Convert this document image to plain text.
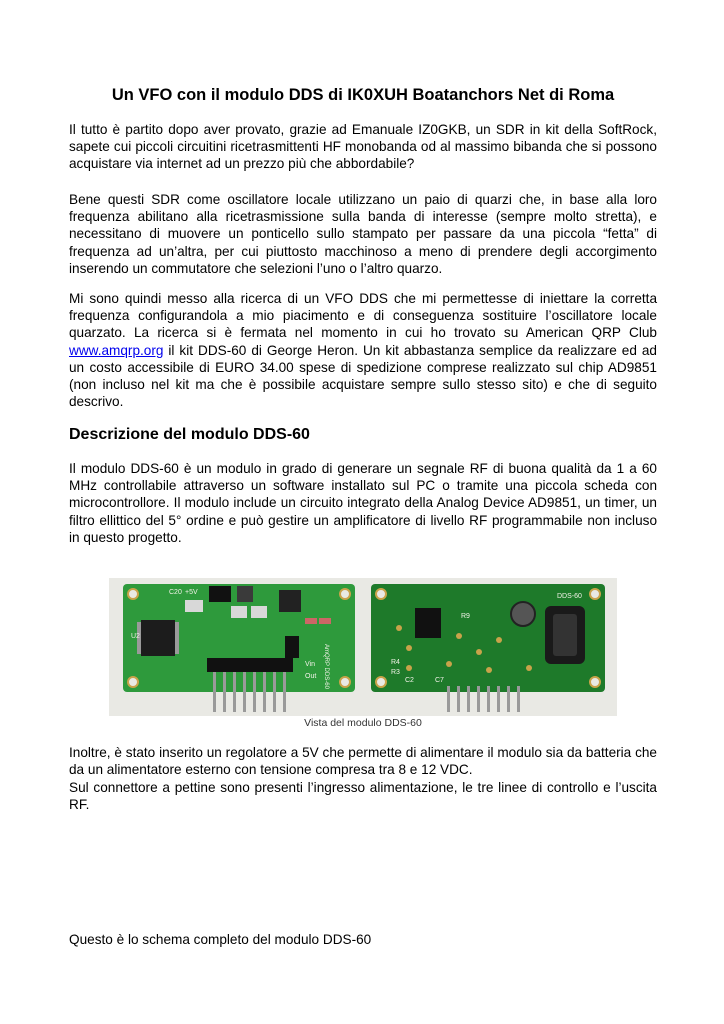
Un VFO con il modulo DDS di IK0XUH Boatanchors Net di Roma

Il tutto è partito dopo aver provato, grazie ad Emanuale IZ0GKB, un SDR in kit della SoftRock, sapete cui piccoli circuitini ricetrasmittenti HF monobanda od al massimo bibanda che si possono acquistare via internet ad un prezzo più che abbordabile?

Bene questi SDR come oscillatore locale utilizzano un paio di quarzi che, in base alla loro frequenza abilitano alla ricetrasmissione sulla banda di interesse (sempre molto stretta), e necessitano di muovere un ponticello sullo stampato per passare da una piccola “fetta” di frequenza ad un’altra, per cui piuttosto macchinoso a meno di prendere degli accorgimento inserendo un commutatore che selezioni l’uno o l’altro quarzo.

Mi sono quindi messo alla ricerca di un VFO DDS che mi permettesse di iniettare la corretta frequenza configurandola a mio piacimento e di conseguenza sostituire l’oscillatore locale quarzato. La ricerca si è fermata nel momento in cui ho trovato su American QRP Club www.amqrp.org il kit DDS-60 di George Heron. Un kit abbastanza semplice da realizzare ed ad un costo accessibile di EURO 34.00 spese di spedizione comprese realizzato sul chip AD9851 (non incluso nel kit ma che è possibile acquistare sempre sullo stesso sito) e che di seguito descrivo.

Descrizione del modulo DDS-60

Il modulo DDS-60 è un modulo in grado di generare un segnale RF di buona qualità da 1 a 60 MHz controllabile attraverso un software installato sul PC o tramite una piccola scheda con microcontrollore. Il modulo include un circuito integrato della Analog Device AD9851, un timer, un filtro ellittico del 5° ordine e può gestire un amplificatore di livello RF programmabile non incluso in questo progetto.

U2
C20 +5V
Vin
Out AmQRP DDS-60	R4
R3
R9
C2	C7
DDS-60
Vista del modulo DDS-60

Inoltre, è stato inserito un regolatore a 5V che permette di alimentare il modulo sia da batteria che da un alimentatore esterno con tensione compresa tra 8 e 12 VDC.

Sul connettore a pettine sono presenti l’ingresso alimentazione, le tre linee di controllo e l’uscita RF.

Questo è lo schema completo del modulo DDS-60
